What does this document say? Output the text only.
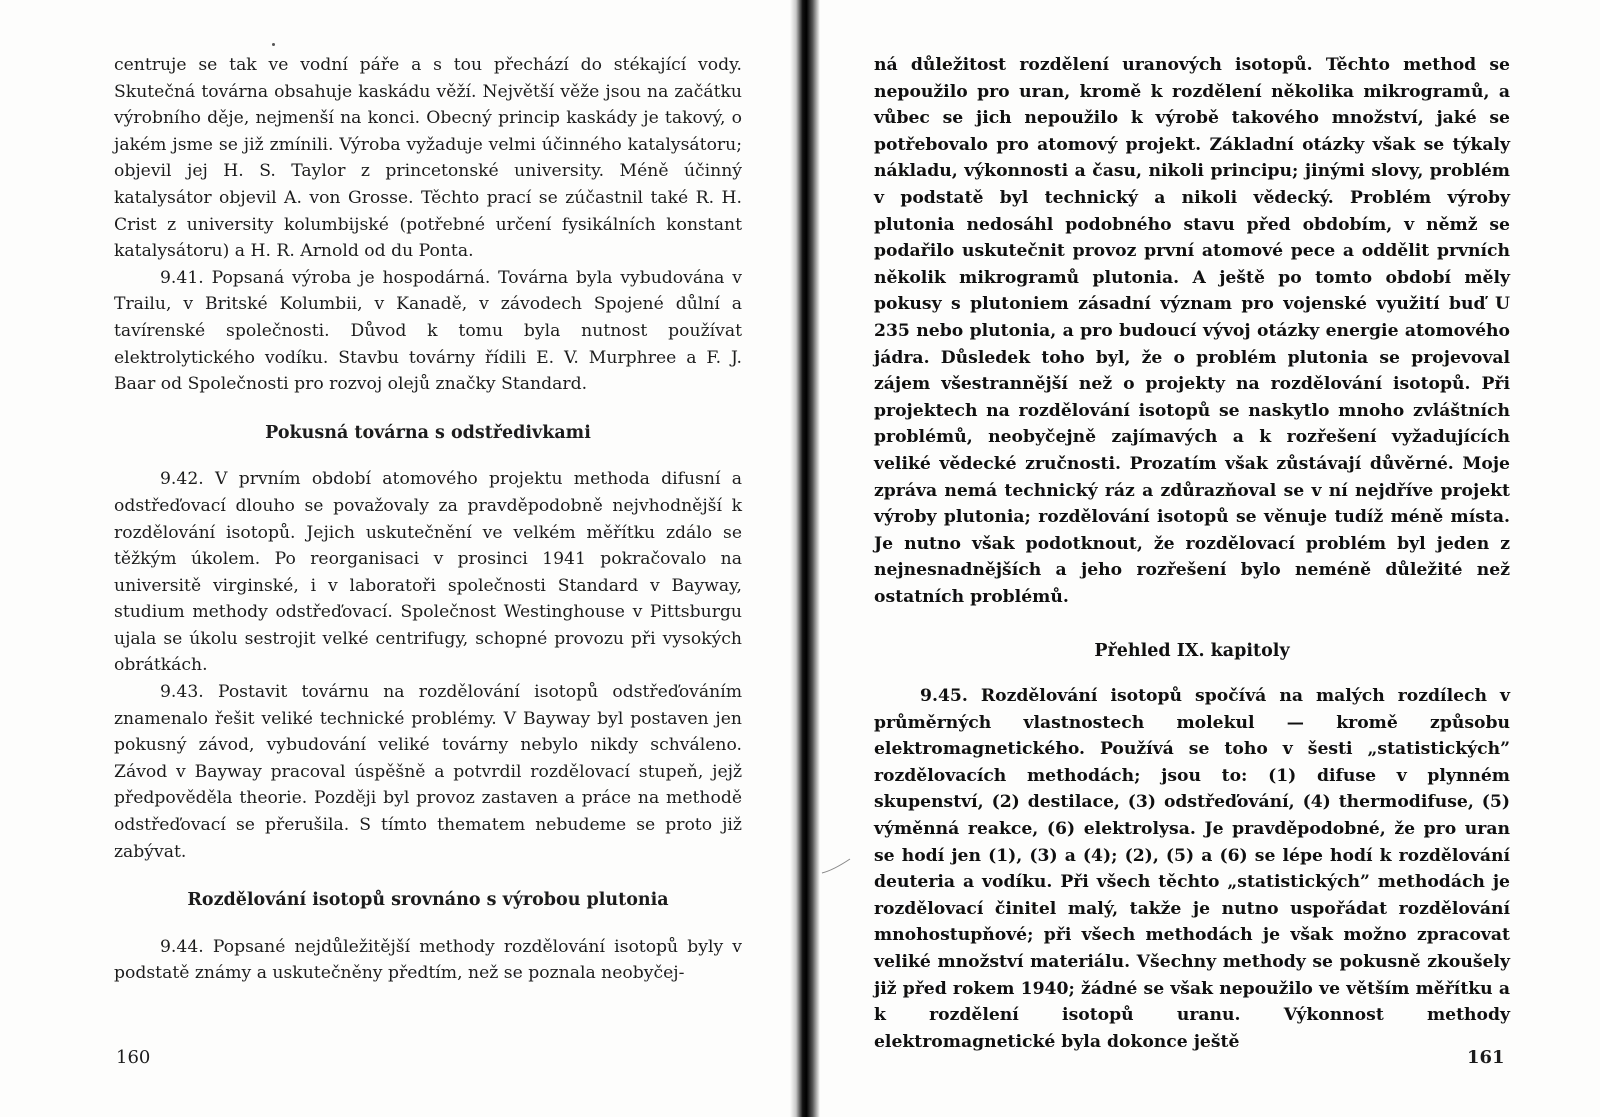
centruje se tak ve vodní páře a s tou přechází do stékající vody. Skutečná továrna obsahuje kaskádu věží. Největší věže jsou na začátku výrobního děje, nejmenší na konci. Obecný princip kaskády je takový, o jakém jsme se již zmínili. Výroba vyžaduje velmi účinného katalysátoru; objevil jej H. S. Taylor z princetonské university. Méně účinný katalysátor objevil A. von Grosse. Těchto prací se zúčastnil také R. H. Crist z university kolumbijské (potřebné určení fysikálních konstant katalysátoru) a H. R. Arnold od du Ponta.

9.41. Popsaná výroba je hospodárná. Továrna byla vybudována v Trailu, v Britské Kolumbii, v Kanadě, v závodech Spojené důlní a tavírenské společnosti. Důvod k tomu byla nutnost používat elektrolytického vodíku. Stavbu továrny řídili E. V. Murphree a F. J. Baar od Společnosti pro rozvoj olejů značky Standard.

Pokusná továrna s odstředivkami

9.42. V prvním období atomového projektu methoda difusní a odstřeďovací dlouho se považovaly za pravděpodobně nejvhodnější k rozdělování isotopů. Jejich uskutečnění ve velkém měřítku zdálo se těžkým úkolem. Po reorganisaci v prosinci 1941 pokračovalo na universitě virginské, i v laboratoři společnosti Standard v Bayway, studium methody odstřeďovací. Společnost Westinghouse v Pittsburgu ujala se úkolu sestrojit velké centrifugy, schopné provozu při vysokých obrátkách.

9.43. Postavit továrnu na rozdělování isotopů odstřeďováním znamenalo řešit veliké technické problémy. V Bayway byl postaven jen pokusný závod, vybudování veliké továrny nebylo nikdy schváleno. Závod v Bayway pracoval úspěšně a potvrdil rozdělovací stupeň, jejž předpověděla theorie. Později byl provoz zastaven a práce na methodě odstřeďovací se přerušila. S tímto thematem nebudeme se proto již zabývat.

Rozdělování isotopů srovnáno s výrobou plutonia

9.44. Popsané nejdůležitější methody rozdělování isotopů byly v podstatě známy a uskutečněny předtím, než se poznala neobyčej-

160

ná důležitost rozdělení uranových isotopů. Těchto method se nepoužilo pro uran, kromě k rozdělení několika mikrogramů, a vůbec se jich nepoužilo k výrobě takového množství, jaké se potřebovalo pro atomový projekt. Základní otázky však se týkaly nákladu, výkonnosti a času, nikoli principu; jinými slovy, problém v podstatě byl technický a nikoli vědecký. Problém výroby plutonia nedosáhl podobného stavu před obdobím, v němž se podařilo uskutečnit provoz první atomové pece a oddělit prvních několik mikrogramů plutonia. A ještě po tomto období měly pokusy s plutoniem zásadní význam pro vojenské využití buď U 235 nebo plutonia, a pro budoucí vývoj otázky energie atomového jádra. Důsledek toho byl, že o problém plutonia se projevoval zájem všestrannější než o projekty na rozdělování isotopů. Při projektech na rozdělování isotopů se naskytlo mnoho zvláštních problémů, neobyčejně zajímavých a k rozřešení vyžadujících veliké vědecké zručnosti. Prozatím však zůstávají důvěrné. Moje zpráva nemá technický ráz a zdůrazňoval se v ní nejdříve projekt výroby plutonia; rozdělování isotopů se věnuje tudíž méně místa. Je nutno však podotknout, že rozdělovací problém byl jeden z nejnesnadnějších a jeho rozřešení bylo neméně důležité než ostatních problémů.

Přehled IX. kapitoly

9.45. Rozdělování isotopů spočívá na malých rozdílech v průměrných vlastnostech molekul — kromě způsobu elektromagnetického. Používá se toho v šesti „statistických” rozdělovacích methodách; jsou to: (1) difuse v plynném skupenství, (2) destilace, (3) odstřeďování, (4) thermodifuse, (5) výměnná reakce, (6) elektrolysa. Je pravděpodobné, že pro uran se hodí jen (1), (3) a (4); (2), (5) a (6) se lépe hodí k rozdělování deuteria a vodíku. Při všech těchto „statistických” methodách je rozdělovací činitel malý, takže je nutno uspořádat rozdělování mnohostupňové; při všech methodách je však možno zpracovat veliké množství materiálu. Všechny methody se pokusně zkoušely již před rokem 1940; žádné se však nepoužilo ve větším měřítku a k rozdělení isotopů uranu. Výkonnost methody elektromagnetické byla dokonce ještě

161
